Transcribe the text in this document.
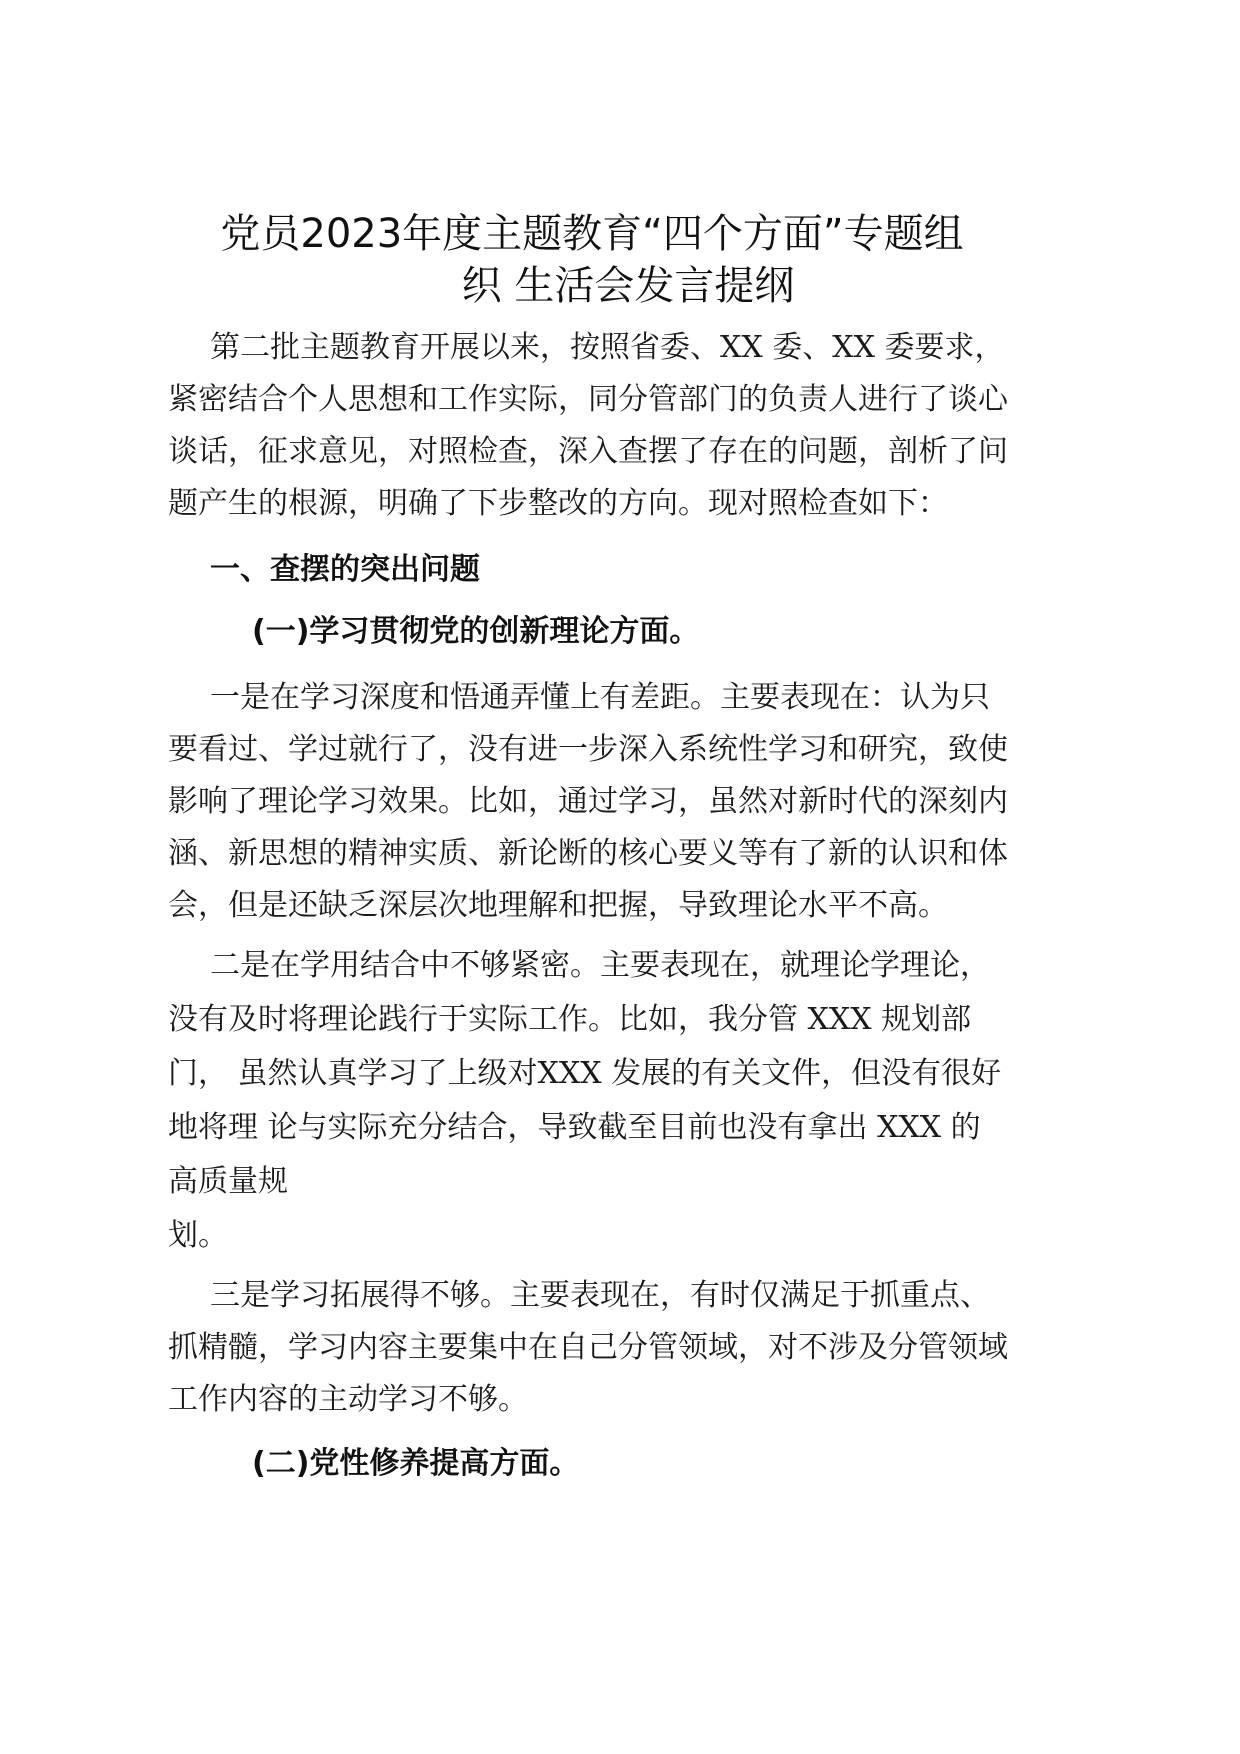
党员2023年度主题教育“四个方面”专题组
织 生活会发言提纲

第二批主题教育开展以来，按照省委、XX 委、XX 委要求，

紧密结合个人思想和工作实际，同分管部门的负责人进行了谈心

谈话，征求意见，对照检查，深入查摆了存在的问题，剖析了问

题产生的根源，明确了下步整改的方向。现对照检查如下：

一、查摆的突出问题
(一)学习贯彻党的创新理论方面。

一是在学习深度和悟通弄懂上有差距。主要表现在：认为只

要看过、学过就行了，没有进一步深入系统性学习和研究，致使

影响了理论学习效果。比如，通过学习，虽然对新时代的深刻内

涵、新思想的精神实质、新论断的核心要义等有了新的认识和体

会，但是还缺乏深层次地理解和把握，导致理论水平不高。

二是在学用结合中不够紧密。主要表现在，就理论学理论，

没有及时将理论践行于实际工作。比如，我分管 XXX 规划部

门， 虽然认真学习了上级对XXX 发展的有关文件，但没有很好

地将理 论与实际充分结合，导致截至目前也没有拿出 XXX 的

高质量规

划。

三是学习拓展得不够。主要表现在，有时仅满足于抓重点、

抓精髓，学习内容主要集中在自己分管领域，对不涉及分管领域

工作内容的主动学习不够。

(二)党性修养提高方面。
